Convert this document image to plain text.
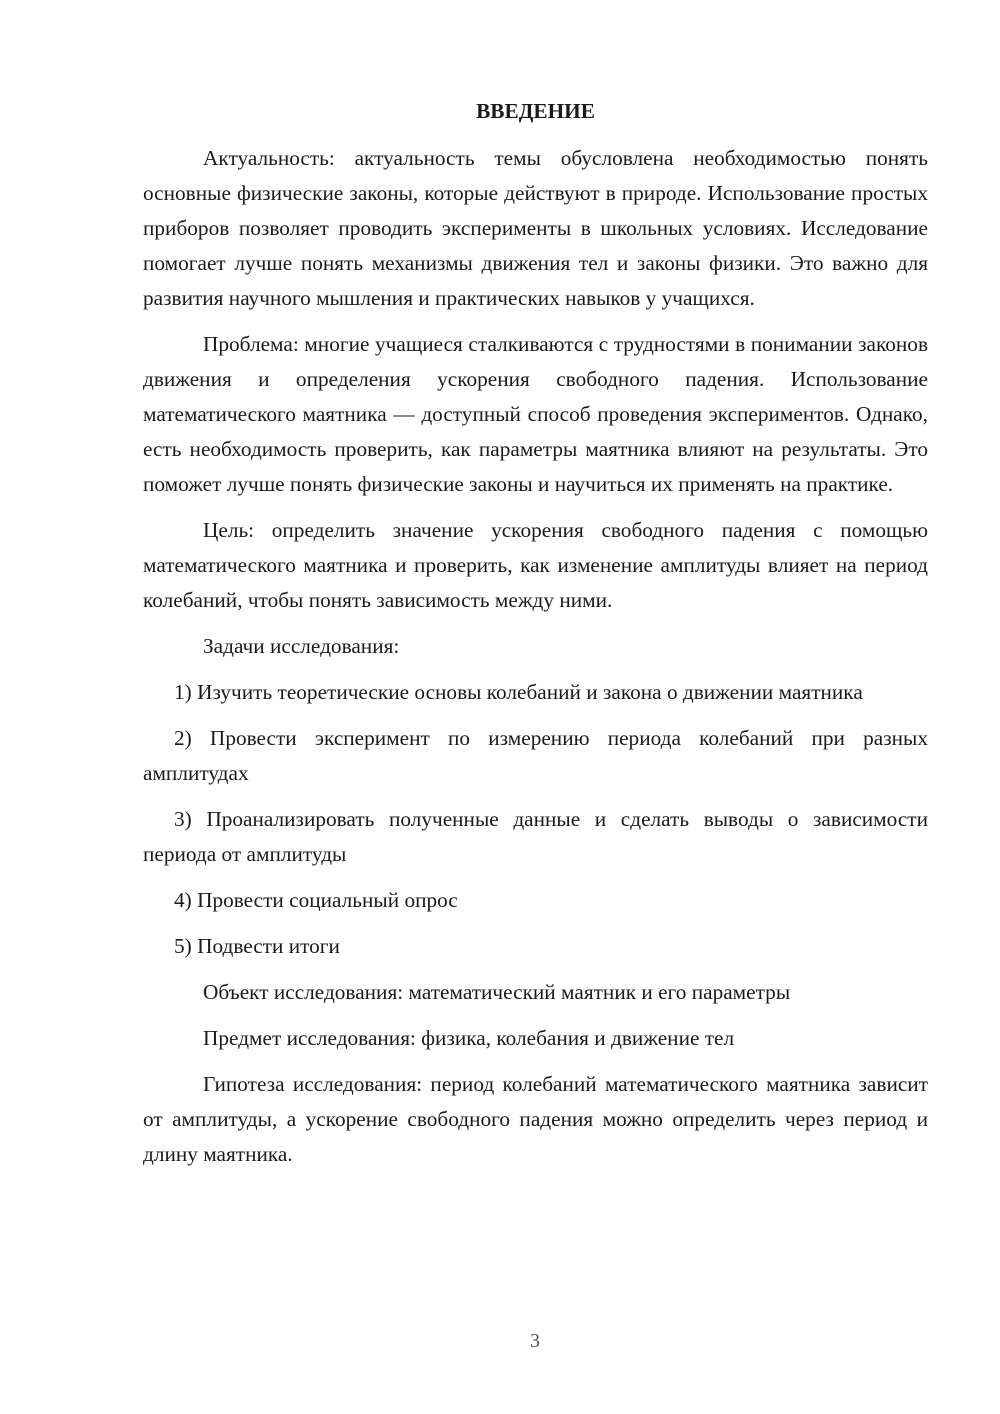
ВВЕДЕНИЕ

Актуальность: актуальность темы обусловлена необходимостью понять основные физические законы, которые действуют в природе. Использование простых приборов позволяет проводить эксперименты в школьных условиях. Исследование помогает лучше понять механизмы движения тел и законы физики. Это важно для развития научного мышления и практических навыков у учащихся.

Проблема: многие учащиеся сталкиваются с трудностями в понимании законов движения и определения ускорения свободного падения. Использование математического маятника — доступный способ проведения экспериментов. Однако, есть необходимость проверить, как параметры маятника влияют на результаты. Это поможет лучше понять физические законы и научиться их применять на практике.

Цель: определить значение ускорения свободного падения с помощью математического маятника и проверить, как изменение амплитуды влияет на период колебаний, чтобы понять зависимость между ними.

Задачи исследования:

1) Изучить теоретические основы колебаний и закона о движении маятника

2) Провести эксперимент по измерению периода колебаний при разных амплитудах

3) Проанализировать полученные данные и сделать выводы о зависимости периода от амплитуды

4) Провести социальный опрос

5) Подвести итоги

Объект исследования: математический маятник и его параметры

Предмет исследования: физика, колебания и движение тел

Гипотеза исследования: период колебаний математического маятника зависит от амплитуды, а ускорение свободного падения можно определить через период и длину маятника.

3
